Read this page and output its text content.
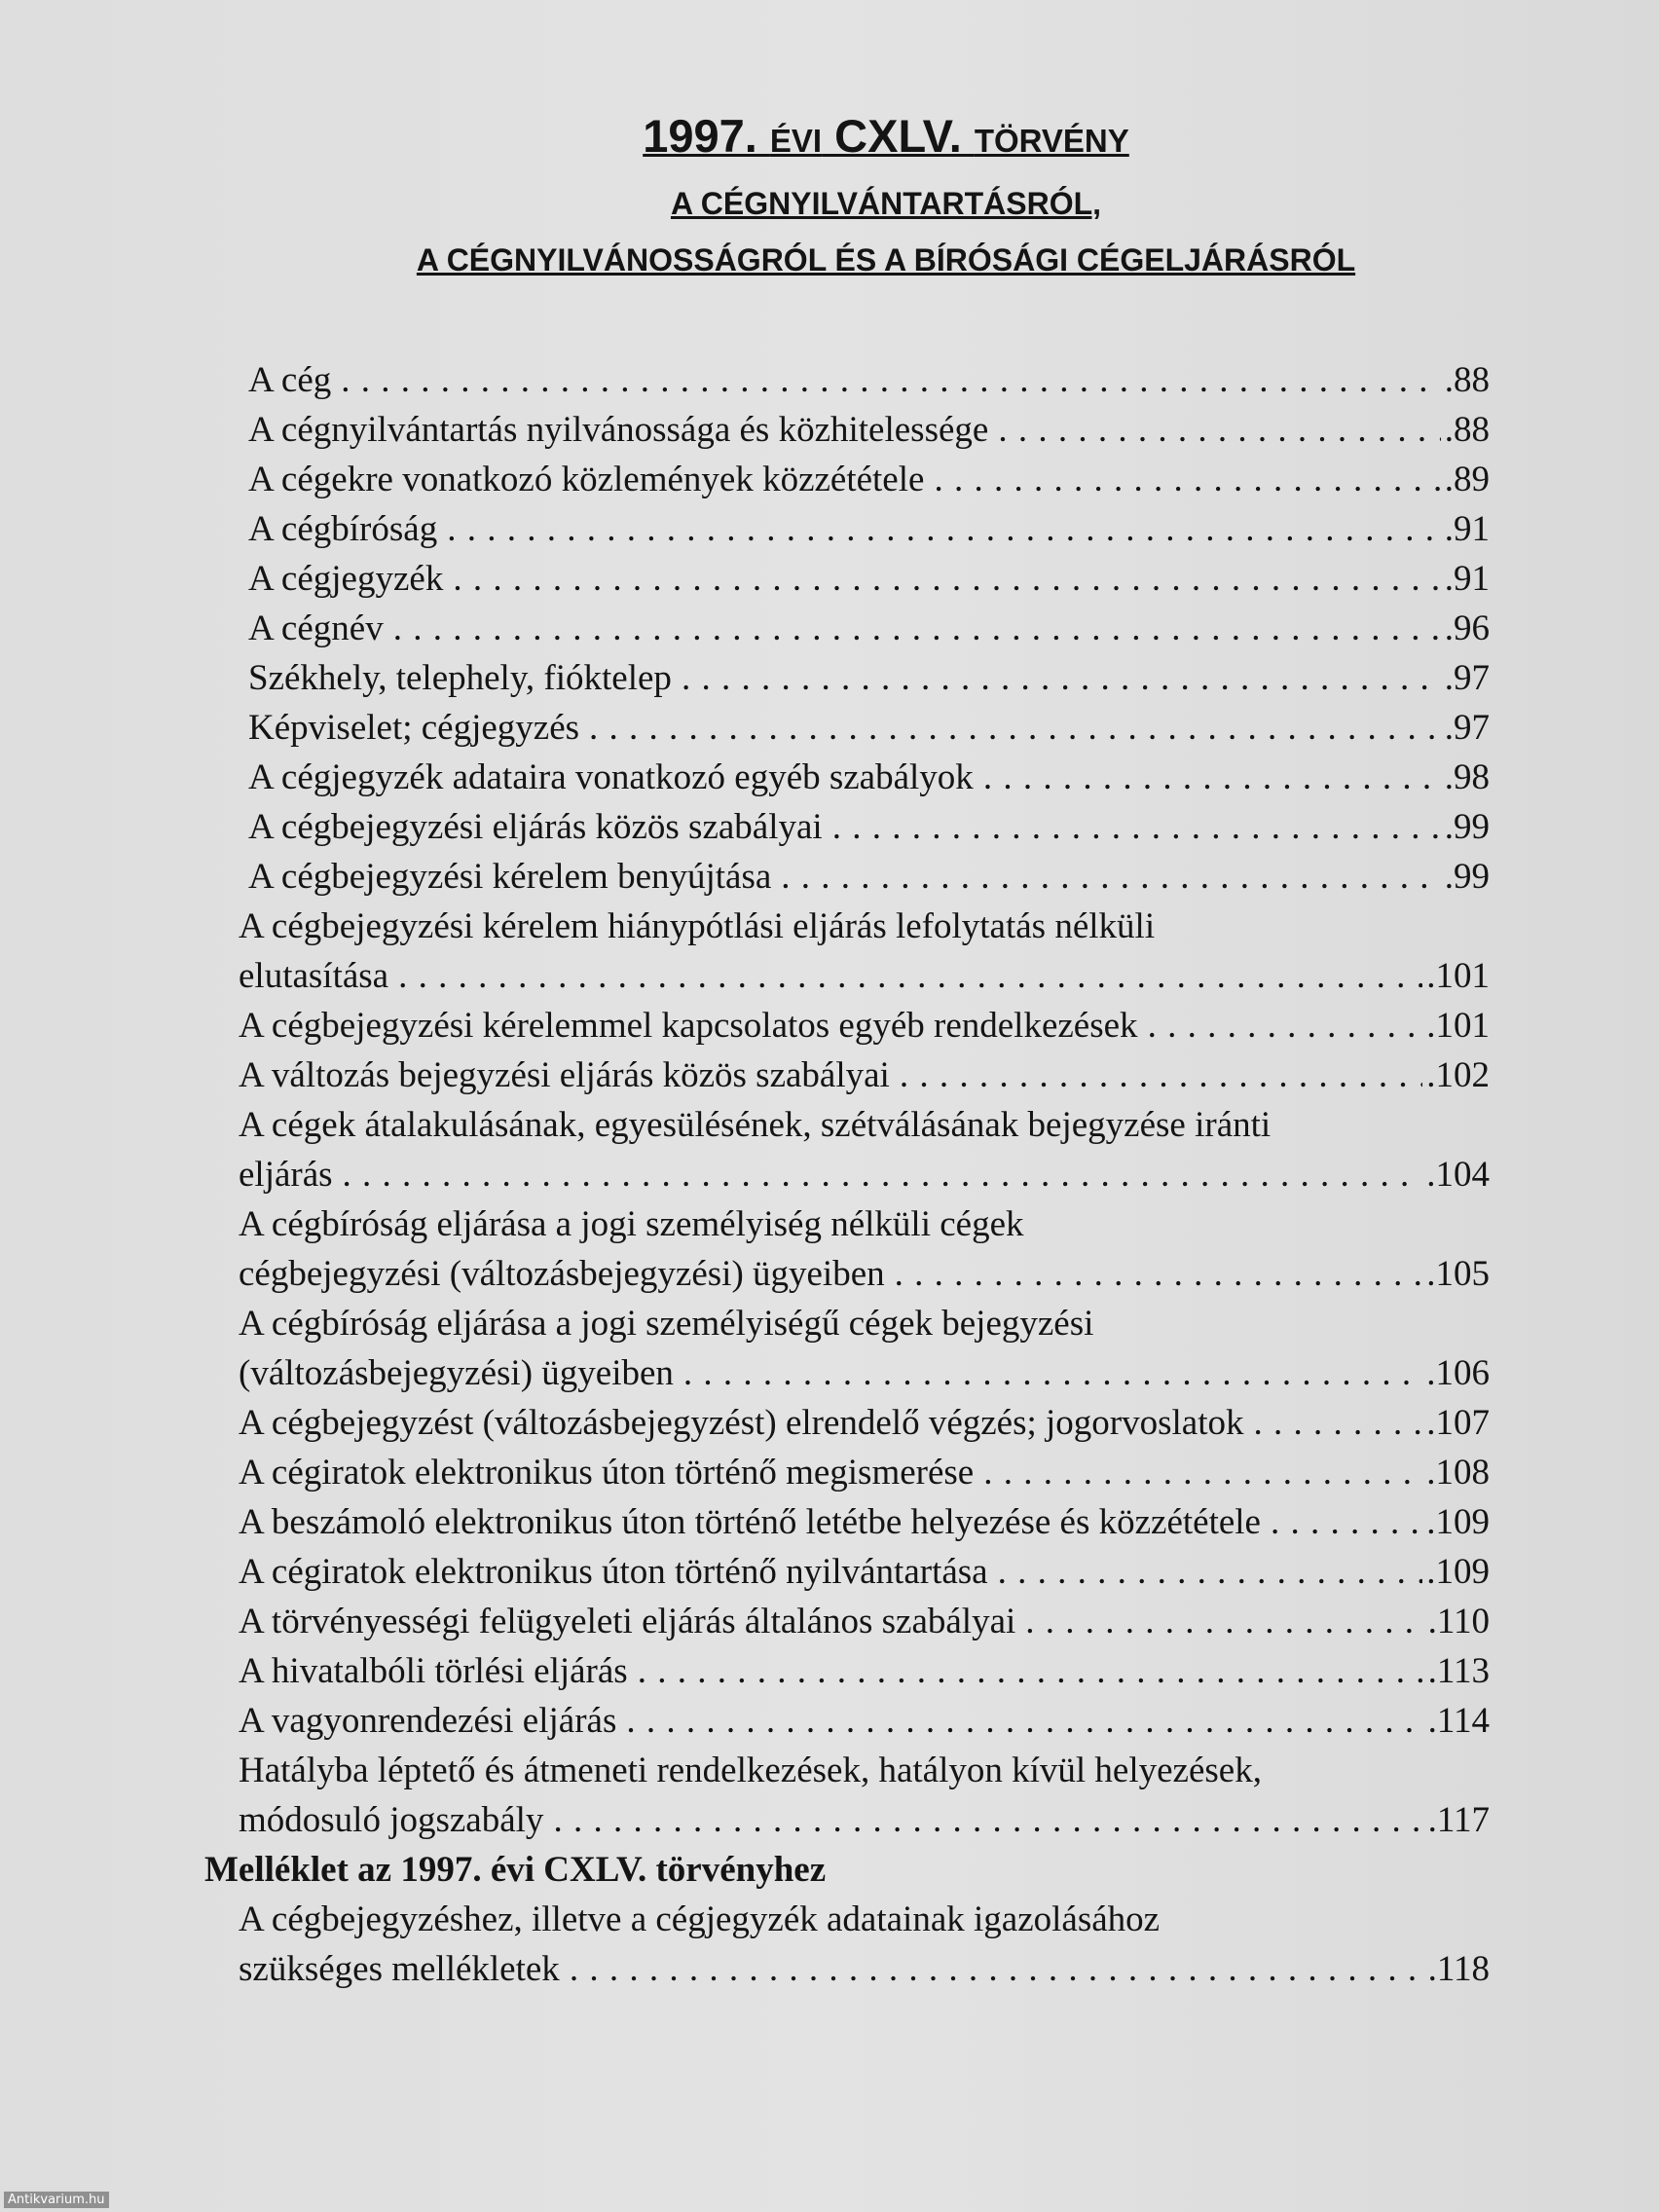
1997. ÉVI CXLV. TÖRVÉNY
A CÉGNYILVÁNTARTÁSRÓL,
A CÉGNYILVÁNOSSÁGRÓL ÉS A BÍRÓSÁGI CÉGELJÁRÁSRÓL
A cég . . .	.88
A cégnyilvántartás nyilvánossága és közhitelessége . . .	.88
A cégekre vonatkozó közlemények közzététele . . .	.89
A cégbíróság . . .	.91
A cégjegyzék . . .	.91
A cégnév . . .	.96
Székhely, telephely, fióktelep . . .	.97
Képviselet; cégjegyzés . . .	.97
A cégjegyzék adataira vonatkozó egyéb szabályok . . .	.98
A cégbejegyzési eljárás közös szabályai . . .	.99
A cégbejegyzési kérelem benyújtása . . .	.99
A cégbejegyzési kérelem hiánypótlási eljárás lefolytatás nélküli
elutasítása . . .	.101
A cégbejegyzési kérelemmel kapcsolatos egyéb rendelkezések . . .	.101
A változás bejegyzési eljárás közös szabályai . . .	.102
A cégek átalakulásának, egyesülésének, szétválásának bejegyzése iránti
eljárás . . .	.104
A cégbíróság eljárása a jogi személyiség nélküli cégek
cégbejegyzési (változásbejegyzési) ügyeiben . . .	.105
A cégbíróság eljárása a jogi személyiségű cégek bejegyzési
(változásbejegyzési) ügyeiben . . .	.106
A cégbejegyzést (változásbejegyzést) elrendelő végzés; jogorvoslatok . . .	.107
A cégiratok elektronikus úton történő megismerése . . .	.108
A beszámoló elektronikus úton történő letétbe helyezése és közzététele . . .	.109
A cégiratok elektronikus úton történő nyilvántartása . . .	.109
A törvényességi felügyeleti eljárás általános szabályai . . .	.110
A hivatalbóli törlési eljárás . . .	.113
A vagyonrendezési eljárás . . .	.114
Hatályba léptető és átmeneti rendelkezések, hatályon kívül helyezések,
módosuló jogszabály . . .	.117
Melléklet az 1997. évi CXLV. törvényhez
A cégbejegyzéshez, illetve a cégjegyzék adatainak igazolásához
szükséges mellékletek . . .	.118
Antikvarium.hu
